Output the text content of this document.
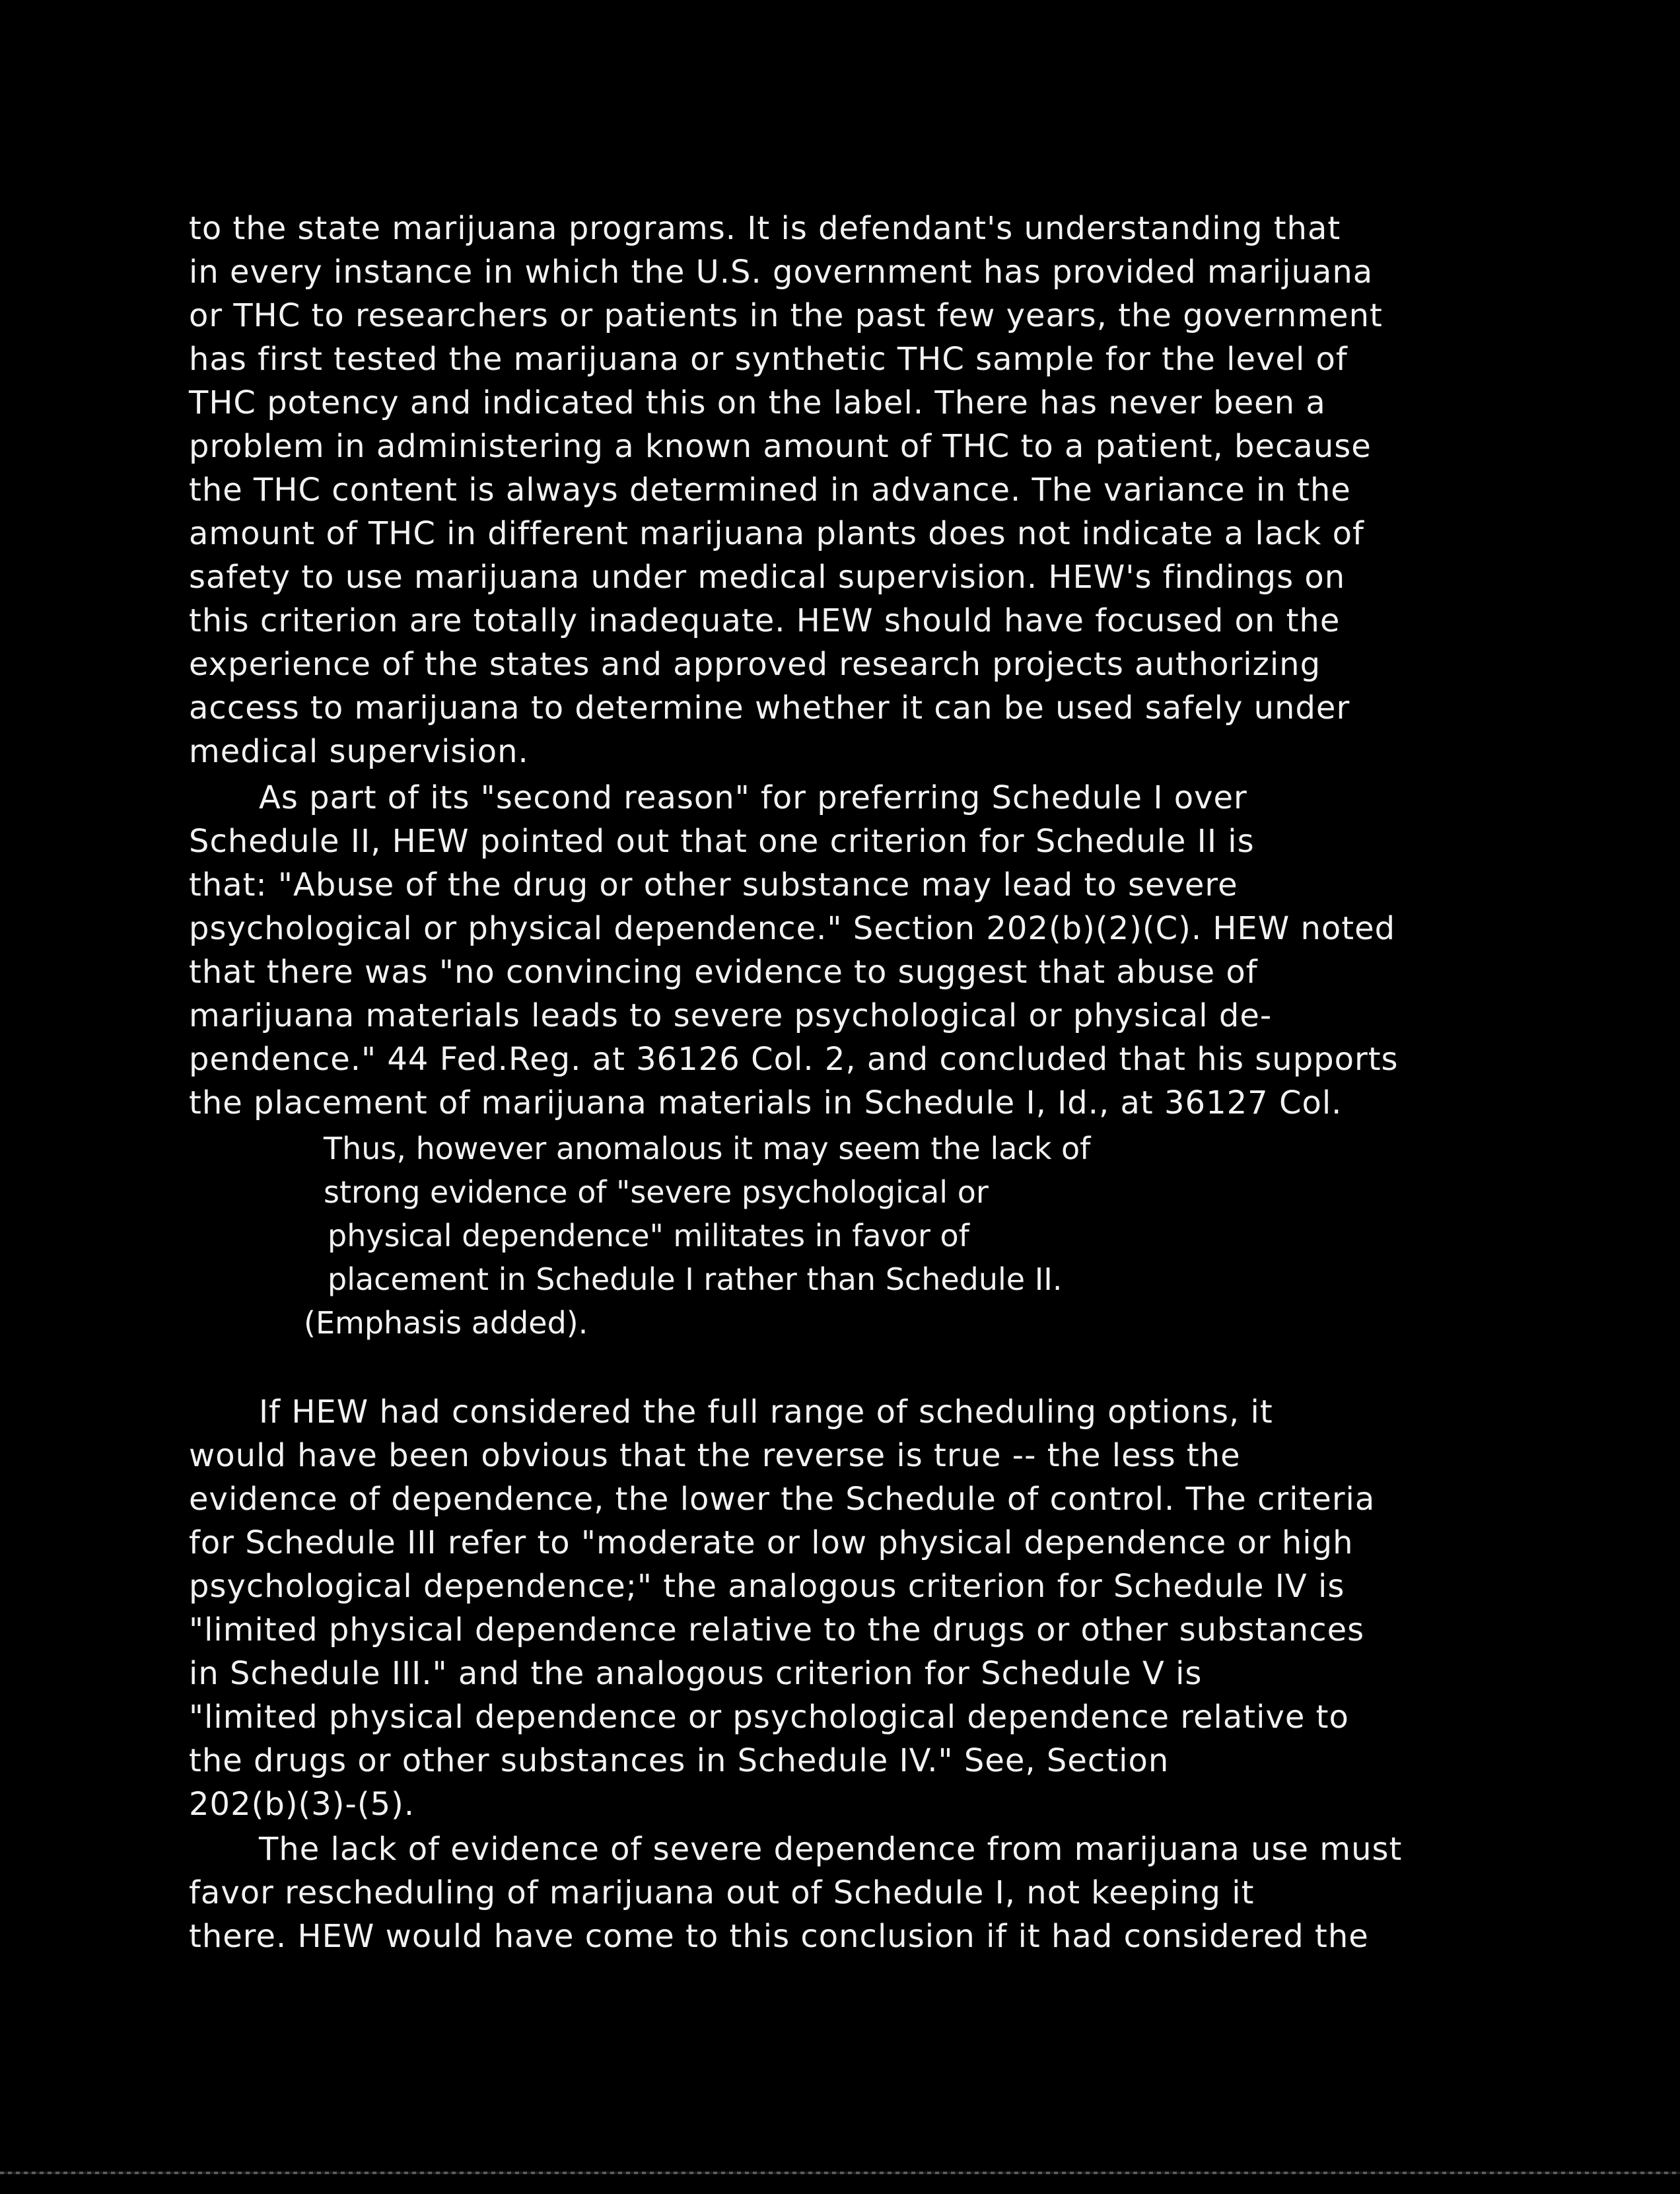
to the state marijuana programs. It is defendant's understanding that
in every instance in which the U.S. government has provided marijuana
or THC to researchers or patients in the past few years, the government
has first tested the marijuana or synthetic THC sample for the level of
THC potency and indicated this on the label. There has never been a
problem in administering a known amount of THC to a patient, because
the THC content is always determined in advance. The variance in the
amount of THC in different marijuana plants does not indicate a lack of
safety to use marijuana under medical supervision. HEW's findings on
this criterion are totally inadequate. HEW should have focused on the
experience of the states and approved research projects authorizing
access to marijuana to determine whether it can be used safely under
medical supervision.
As part of its "second reason" for preferring Schedule I over
Schedule II, HEW pointed out that one criterion for Schedule II is
that: "Abuse of the drug or other substance may lead to severe
psychological or physical dependence." Section 202(b)(2)(C). HEW noted
that there was "no convincing evidence to suggest that abuse of
marijuana materials leads to severe psychological or physical de-
pendence." 44 Fed.Reg. at 36126 Col. 2, and concluded that his supports
the placement of marijuana materials in Schedule I, Id., at 36127 Col.
Thus, however anomalous it may seem the lack of
strong evidence of "severe psychological or
physical dependence" militates in favor of
placement in Schedule I rather than Schedule II.
(Emphasis added).
If HEW had considered the full range of scheduling options, it
would have been obvious that the reverse is true -- the less the
evidence of dependence, the lower the Schedule of control. The criteria
for Schedule III refer to "moderate or low physical dependence or high
psychological dependence;" the analogous criterion for Schedule IV is
"limited physical dependence relative to the drugs or other substances
in Schedule III." and the analogous criterion for Schedule V is
"limited physical dependence or psychological dependence relative to
the drugs or other substances in Schedule IV." See, Section
202(b)(3)-(5).
The lack of evidence of severe dependence from marijuana use must
favor rescheduling of marijuana out of Schedule I, not keeping it
there. HEW would have come to this conclusion if it had considered the
